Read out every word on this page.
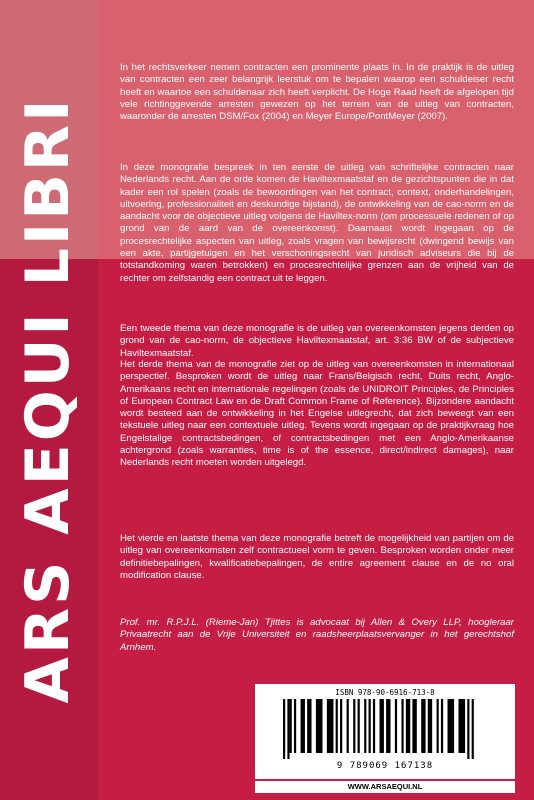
ARS AEQUI LIBRI

In het rechtsverkeer nemen contracten een prominente plaats in. In de praktijk is de uitleg van contracten een zeer belangrijk leerstuk om te bepalen waarop een schuldeiser recht heeft en waartoe een schuldenaar zich heeft verplicht. De Hoge Raad heeft de afgelopen tijd vele richtinggevende arresten gewezen op het terrein van de uitleg van contracten, waaronder de arresten DSM/Fox (2004) en Meyer Europe/PontMeyer (2007).

In deze monografie bespreek in ten eerste de uitleg van schriftelijke contracten naar Nederlands recht. Aan de orde komen de Haviltexmaatstaf en de gezichtspunten die in dat kader een rol spelen (zoals de bewoordingen van het contract, context, onderhandelingen, uitvoering, professionaliteit en deskundige bijstand), de ontwikkeling van de cao-norm en de aandacht voor de objectieve uitleg volgens de Haviltex-norm (om processuele redenen of op grond van de aard van de overeenkomst). Daarnaast wordt ingegaan op de procesrechtelijke aspecten van uitleg, zoals vragen van bewijsrecht (dwingend bewijs van een akte, partijgetuigen en het verschoningsrecht van juridisch adviseurs die bij de totstandkoming waren betrokken) en procesrechtelijke grenzen aan de vrijheid van de rechter om zelfstandig een contract uit te leggen.

Een tweede thema van deze monografie is de uitleg van overeenkomsten jegens derden op grond van de cao-norm, de objectieve Haviltexmaatstaf, art. 3:36 BW of de subjectieve Haviltexmaatstaf.

Het derde thema van de monografie ziet op de uitleg van overeenkomsten in internationaal perspectief. Besproken wordt de uitleg naar Frans/Belgisch recht, Duits recht, Anglo-Amerikaans recht en internationale regelingen (zoals de UNIDROIT Principles, de Principles of European Contract Law en de Draft Common Frame of Reference). Bijzondere aandacht wordt besteed aan de ontwikkeling in het Engelse uitlegrecht, dat zich beweegt van een tekstuele uitleg naar een contextuele uitleg. Tevens wordt ingegaan op de praktijkvraag hoe Engelstalige contractsbedingen, of contractsbedingen met een Anglo-Amerikaanse achtergrond (zoals warranties, time is of the essence, direct/indirect damages), naar Nederlands recht moeten worden uitgelegd.

Het vierde en laatste thema van deze monografie betreft de mogelijkheid van partijen om de uitleg van overeenkomsten zelf contractueel vorm te geven. Besproken worden onder meer definitiebepalingen, kwalificatiebepalingen, de entire agreement clause en de no oral modification clause.

Prof. mr. R.P.J.L. (Rieme-Jan) Tjittes is advocaat bij Allen & Overy LLP, hoogleraar Privaatrecht aan de Vrije Universiteit en raadsheerplaatsvervanger in het gerechtshof Arnhem.

ISBN 978-90-6916-713-8
9 789069 167138
WWW.ARSAEQUI.NL
